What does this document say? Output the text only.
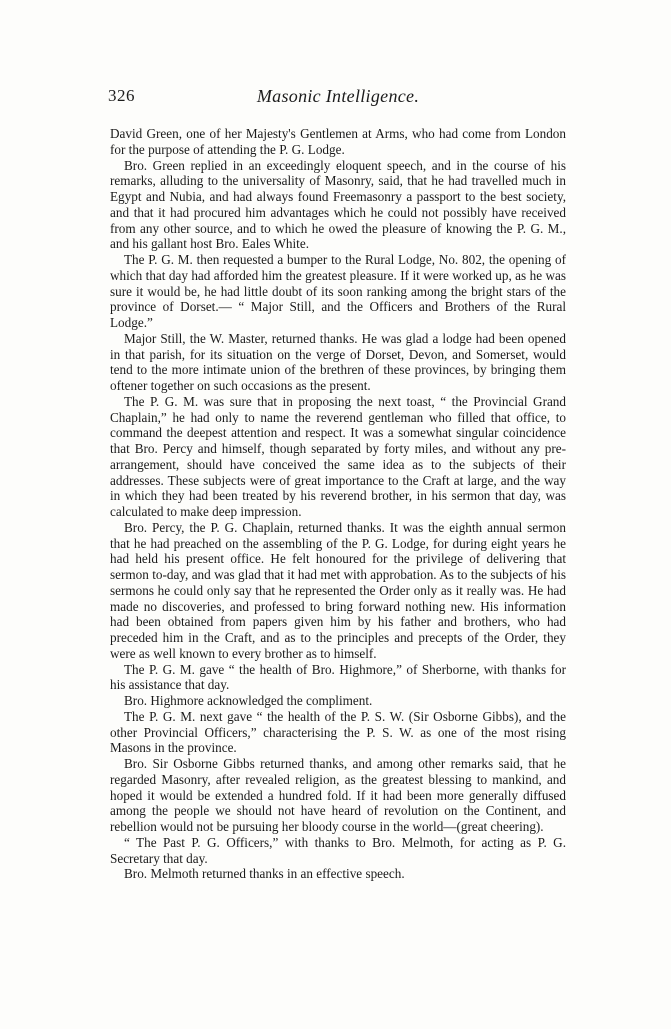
326	Masonic Intelligence.

David Green, one of her Majesty's Gentlemen at Arms, who had come from London for the purpose of attending the P. G. Lodge.

Bro. Green replied in an exceedingly eloquent speech, and in the course of his remarks, alluding to the universality of Masonry, said, that he had travelled much in Egypt and Nubia, and had always found Freemasonry a passport to the best society, and that it had procured him advantages which he could not possibly have received from any other source, and to which he owed the pleasure of knowing the P. G. M., and his gallant host Bro. Eales White.

The P. G. M. then requested a bumper to the Rural Lodge, No. 802, the opening of which that day had afforded him the greatest pleasure. If it were worked up, as he was sure it would be, he had little doubt of its soon ranking among the bright stars of the province of Dorset.— “ Major Still, and the Officers and Brothers of the Rural Lodge.”

Major Still, the W. Master, returned thanks. He was glad a lodge had been opened in that parish, for its situation on the verge of Dorset, Devon, and Somerset, would tend to the more intimate union of the brethren of these provinces, by bringing them oftener together on such occasions as the present.

The P. G. M. was sure that in proposing the next toast, “ the Provincial Grand Chaplain,” he had only to name the reverend gentleman who filled that office, to command the deepest attention and respect. It was a somewhat singular coincidence that Bro. Percy and himself, though separated by forty miles, and without any pre-arrangement, should have conceived the same idea as to the subjects of their addresses. These subjects were of great importance to the Craft at large, and the way in which they had been treated by his reverend brother, in his sermon that day, was calculated to make deep impression.

Bro. Percy, the P. G. Chaplain, returned thanks. It was the eighth annual sermon that he had preached on the assembling of the P. G. Lodge, for during eight years he had held his present office. He felt honoured for the privilege of delivering that sermon to-day, and was glad that it had met with approbation. As to the subjects of his sermons he could only say that he represented the Order only as it really was. He had made no discoveries, and professed to bring forward nothing new. His information had been obtained from papers given him by his father and brothers, who had preceded him in the Craft, and as to the principles and precepts of the Order, they were as well known to every brother as to himself.

The P. G. M. gave “ the health of Bro. Highmore,” of Sherborne, with thanks for his assistance that day.

Bro. Highmore acknowledged the compliment.

The P. G. M. next gave “ the health of the P. S. W. (Sir Osborne Gibbs), and the other Provincial Officers,” characterising the P. S. W. as one of the most rising Masons in the province.

Bro. Sir Osborne Gibbs returned thanks, and among other remarks said, that he regarded Masonry, after revealed religion, as the greatest blessing to mankind, and hoped it would be extended a hundred fold. If it had been more generally diffused among the people we should not have heard of revolution on the Continent, and rebellion would not be pursuing her bloody course in the world—(great cheering).

“ The Past P. G. Officers,” with thanks to Bro. Melmoth, for acting as P. G. Secretary that day.

Bro. Melmoth returned thanks in an effective speech.
